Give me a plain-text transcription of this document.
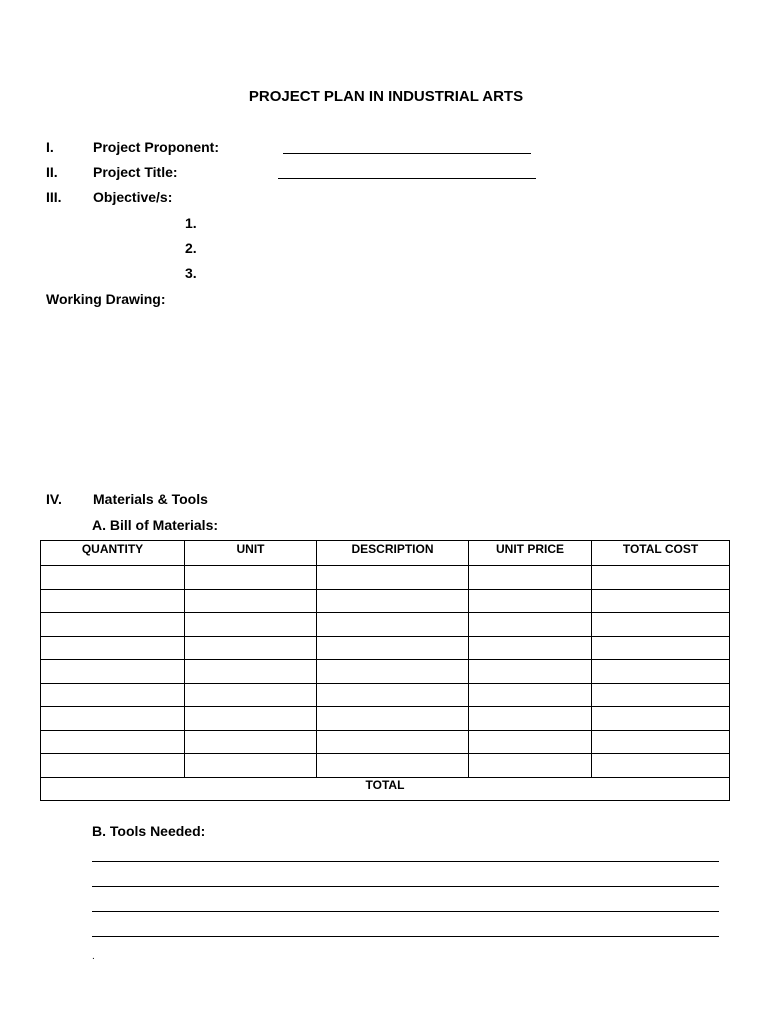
PROJECT PLAN IN INDUSTRIAL ARTS
I.	Project Proponent:
II.	Project Title:
III. Objective/s:
1.
2.
3.
Working Drawing:
IV. Materials & Tools
A. Bill of Materials:
QUANTITY	UNIT	DESCRIPTION	UNIT PRICE	TOTAL COST

TOTAL				
B. Tools Needed:
.
